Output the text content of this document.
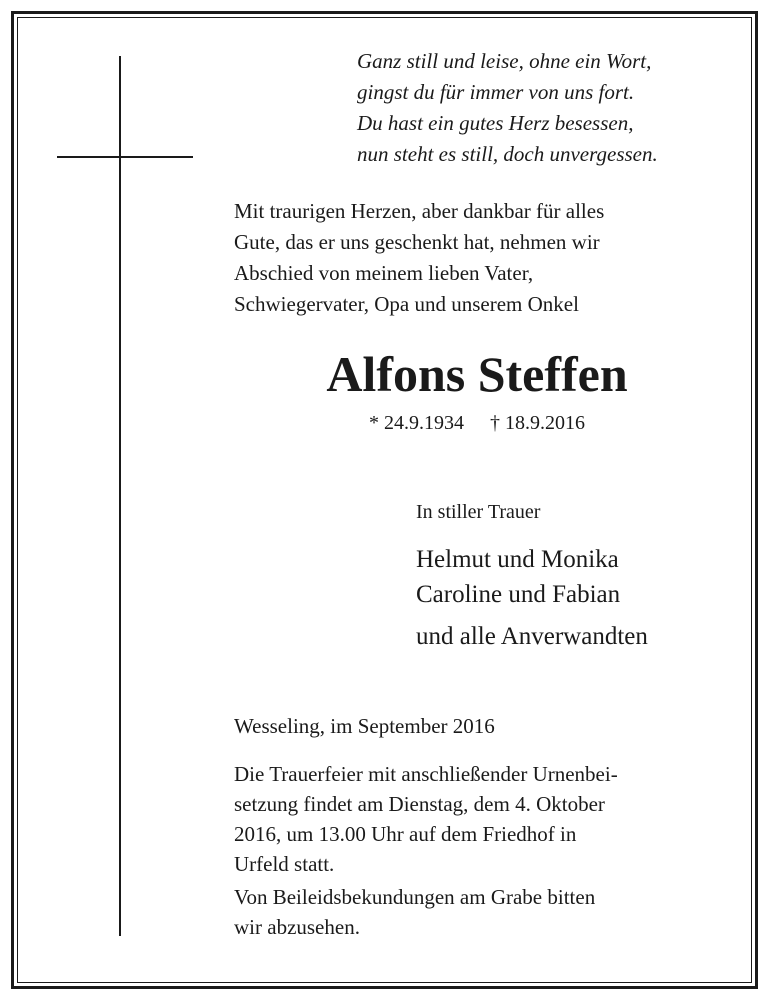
Ganz still und leise, ohne ein Wort,
gingst du für immer von uns fort.
Du hast ein gutes Herz besessen,
nun steht es still, doch unvergessen.
Mit traurigen Herzen, aber dankbar für alles
Gute, das er uns geschenkt hat, nehmen wir
Abschied von meinem lieben Vater,
Schwiegervater, Opa und unserem Onkel
Alfons Steffen
* 24.9.1934 † 18.9.2016
In stiller Trauer
Helmut und Monika
Caroline und Fabian
und alle Anverwandten
Wesseling, im September 2016
Die Trauerfeier mit anschließender Urnenbei-
setzung findet am Dienstag, dem 4. Oktober
2016, um 13.00 Uhr auf dem Friedhof in
Urfeld statt.
Von Beileidsbekundungen am Grabe bitten
wir abzusehen.
